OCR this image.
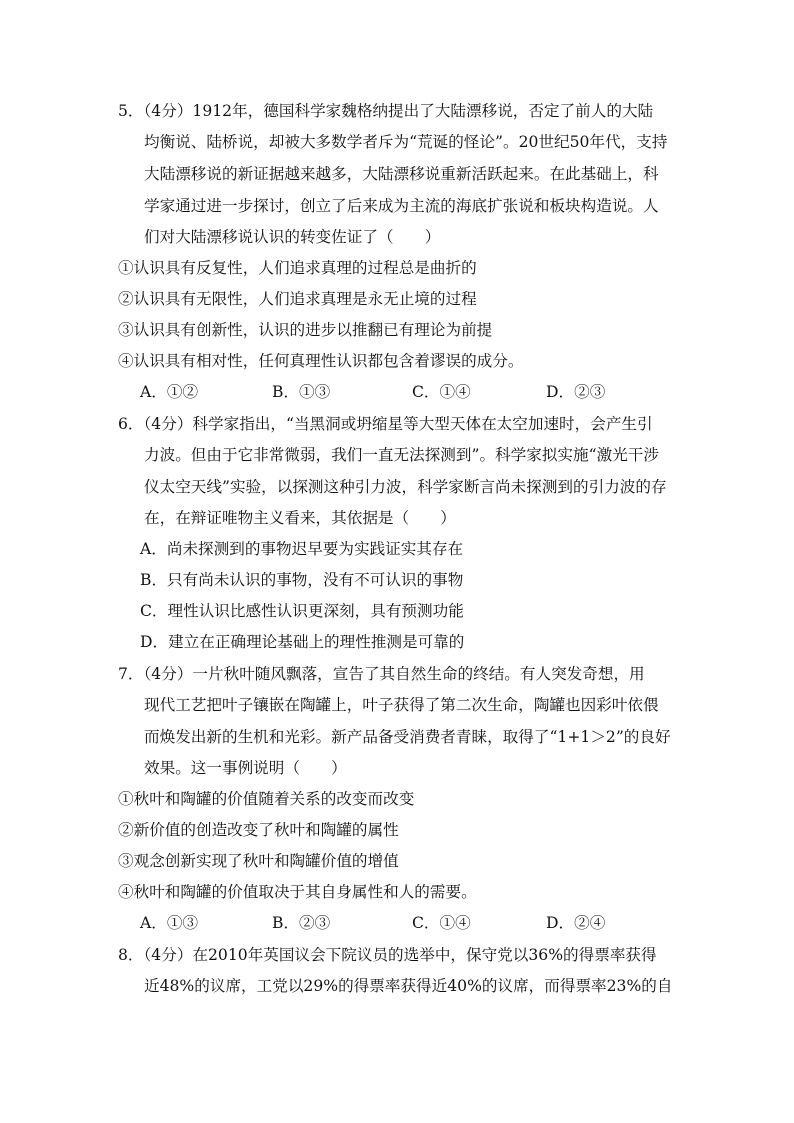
5．（4分）1912年，德国科学家魏格纳提出了大陆漂移说，否定了前人的大陆
均衡说、陆桥说，却被大多数学者斥为“荒诞的怪论”。20世纪50年代，支持
大陆漂移说的新证据越来越多，大陆漂移说重新活跃起来。在此基础上，科
学家通过进一步探讨，创立了后来成为主流的海底扩张说和板块构造说。人
们对大陆漂移说认识的转变佐证了（　　）
①认识具有反复性，人们追求真理的过程总是曲折的
②认识具有无限性，人们追求真理是永无止境的过程
③认识具有创新性，认识的进步以推翻已有理论为前提
④认识具有相对性，任何真理性认识都包含着谬误的成分。
A．①②	B．①③	C．①④	D．②③
6．（4分）科学家指出，“当黑洞或坍缩星等大型天体在太空加速时，会产生引
力波。但由于它非常微弱，我们一直无法探测到”。科学家拟实施“激光干涉
仪太空天线”实验，以探测这种引力波，科学家断言尚未探测到的引力波的存
在，在辩证唯物主义看来，其依据是（　　）
A．尚未探测到的事物迟早要为实践证实其存在
B．只有尚未认识的事物，没有不可认识的事物
C．理性认识比感性认识更深刻，具有预测功能
D．建立在正确理论基础上的理性推测是可靠的
7．（4分）一片秋叶随风飘落，宣告了其自然生命的终结。有人突发奇想，用
现代工艺把叶子镶嵌在陶罐上，叶子获得了第二次生命，陶罐也因彩叶依偎
而焕发出新的生机和光彩。新产品备受消费者青睐，取得了“1+1＞2”的良好
效果。这一事例说明（　　）
①秋叶和陶罐的价值随着关系的改变而改变
②新价值的创造改变了秋叶和陶罐的属性
③观念创新实现了秋叶和陶罐价值的增值
④秋叶和陶罐的价值取决于其自身属性和人的需要。
A．①③	B．②③	C．①④	D．②④
8．（4分）在2010年英国议会下院议员的选举中，保守党以36%的得票率获得
近48%的议席，工党以29%的得票率获得近40%的议席，而得票率23%的自
